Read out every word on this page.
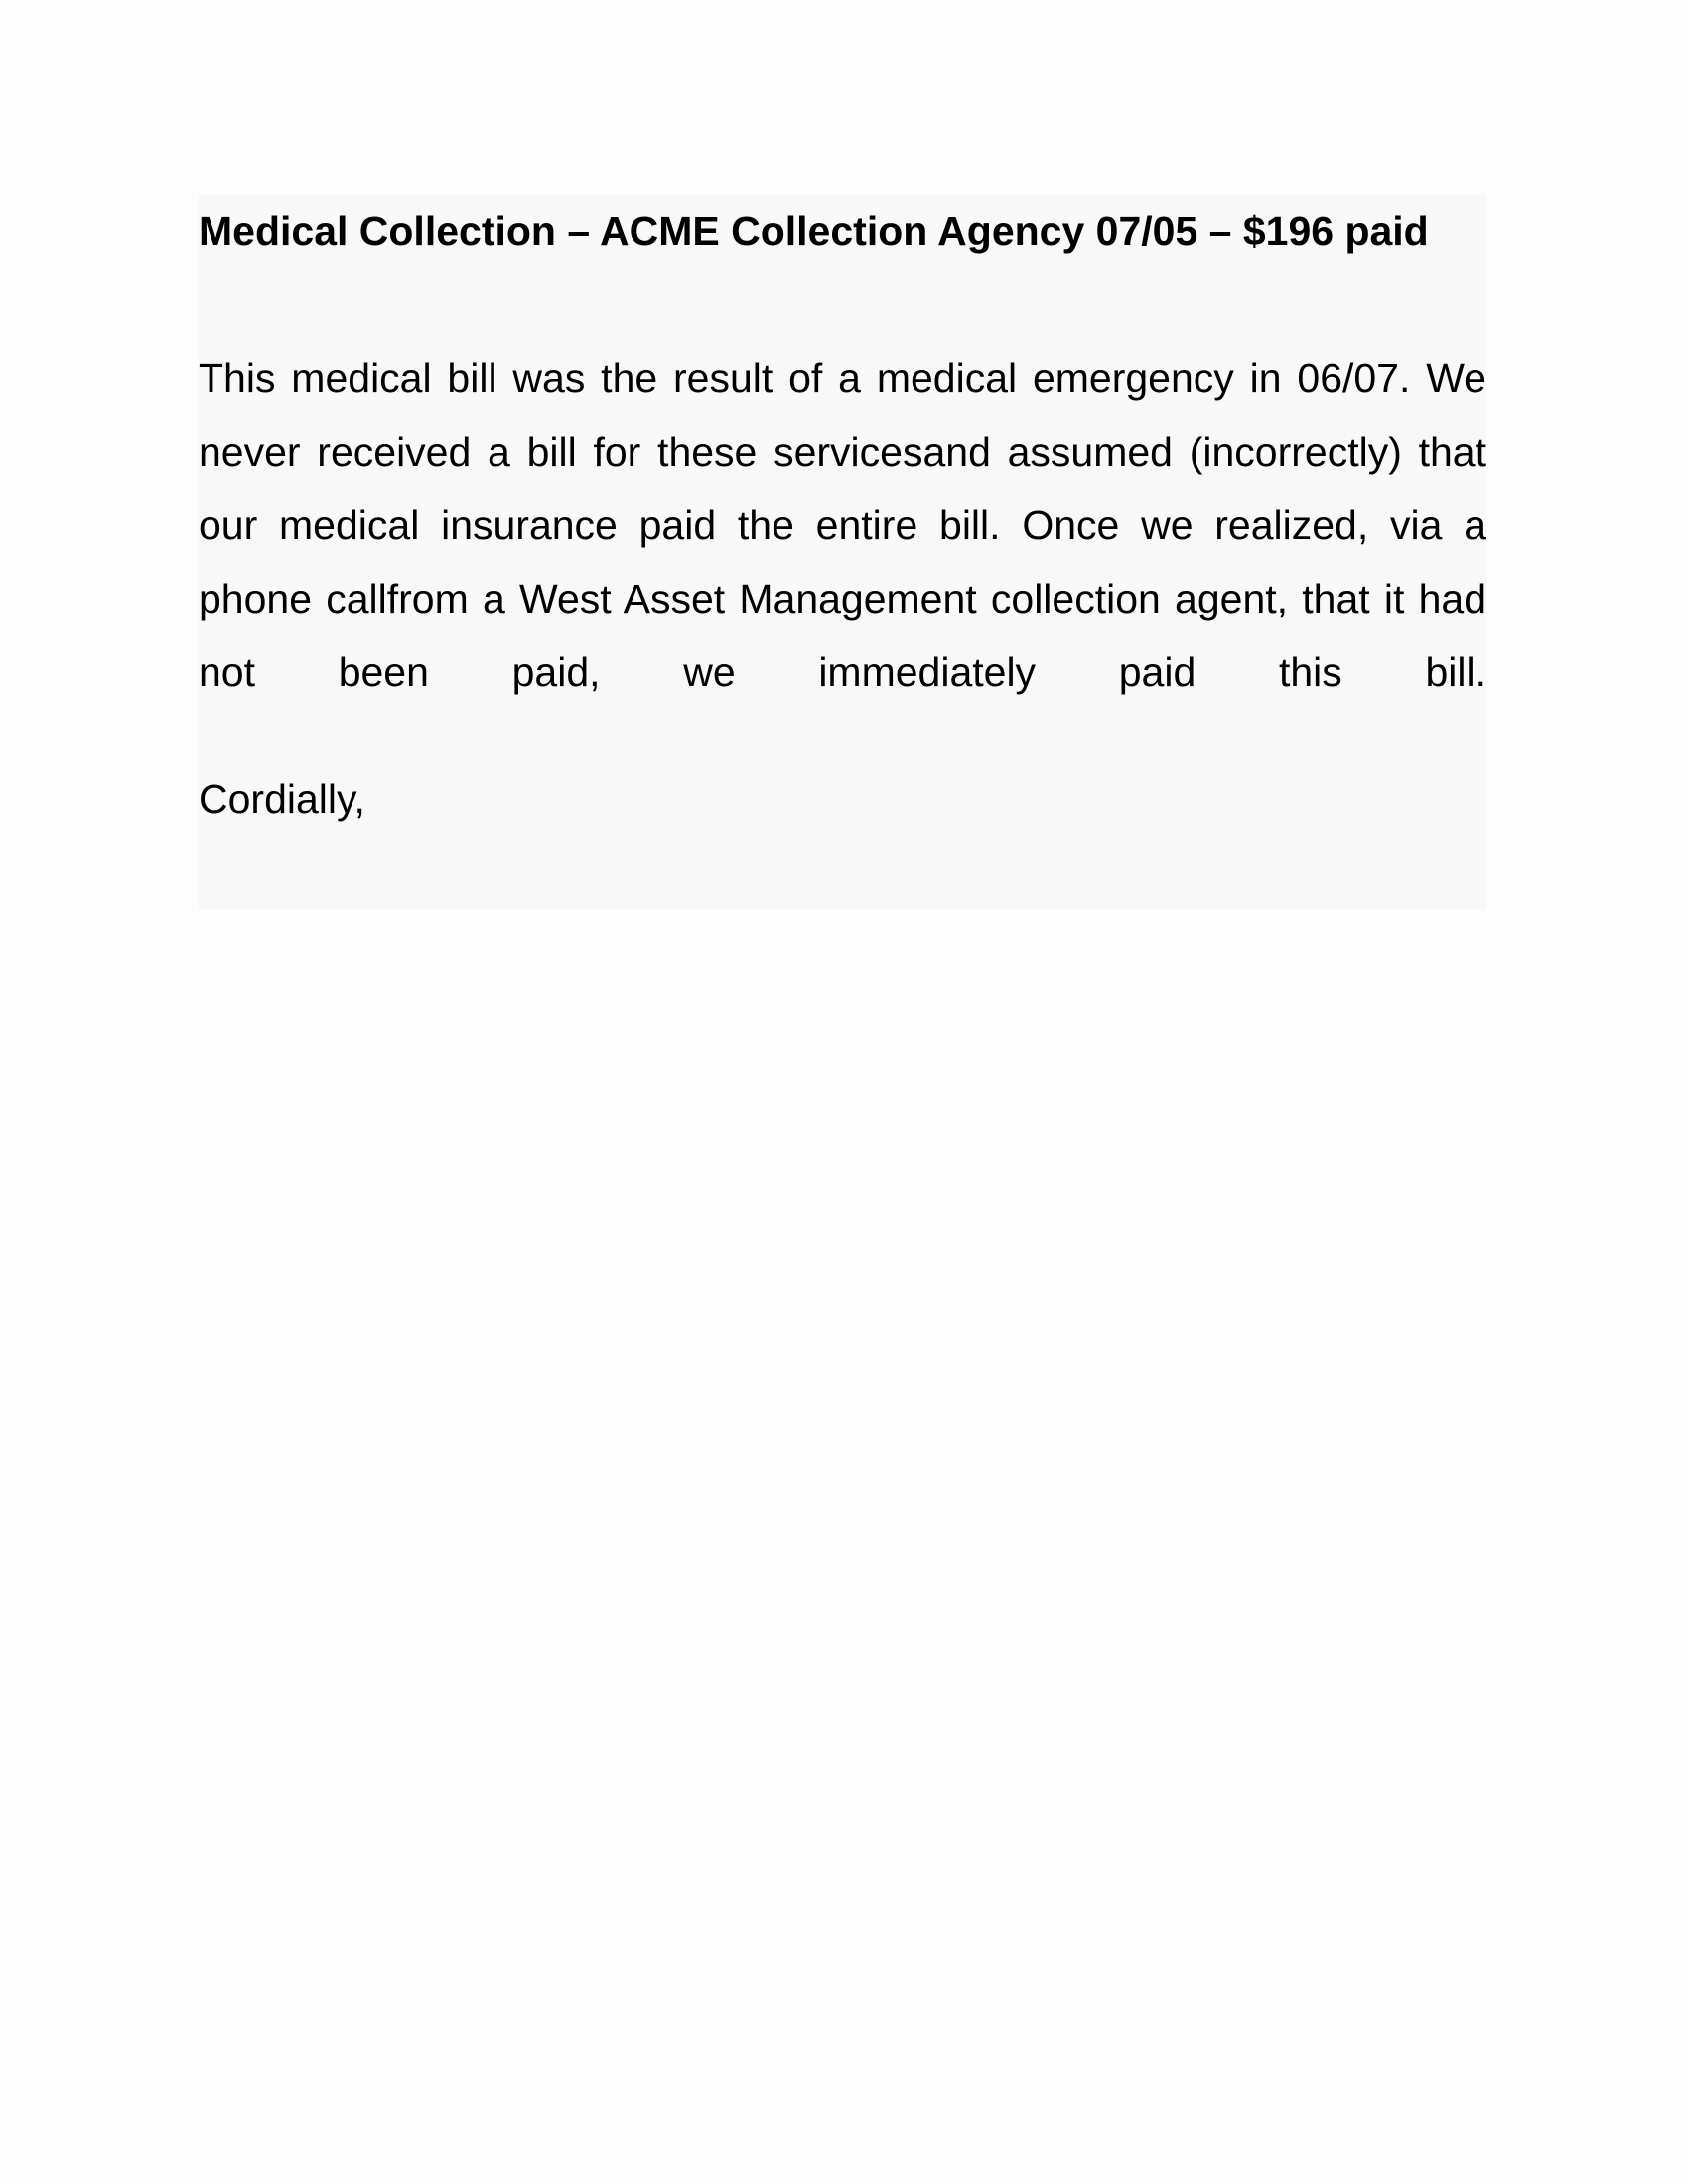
Medical Collection – ACME Collection Agency 07/05 – $196 paid

This medical bill was the result of a medical emergency in 06/07. We never received a bill for these servicesand assumed (incorrectly) that our medical insurance paid the entire bill. Once we realized, via a phone callfrom a West Asset Management collection agent, that it had not been paid, we immediately paid this bill.

Cordially,
